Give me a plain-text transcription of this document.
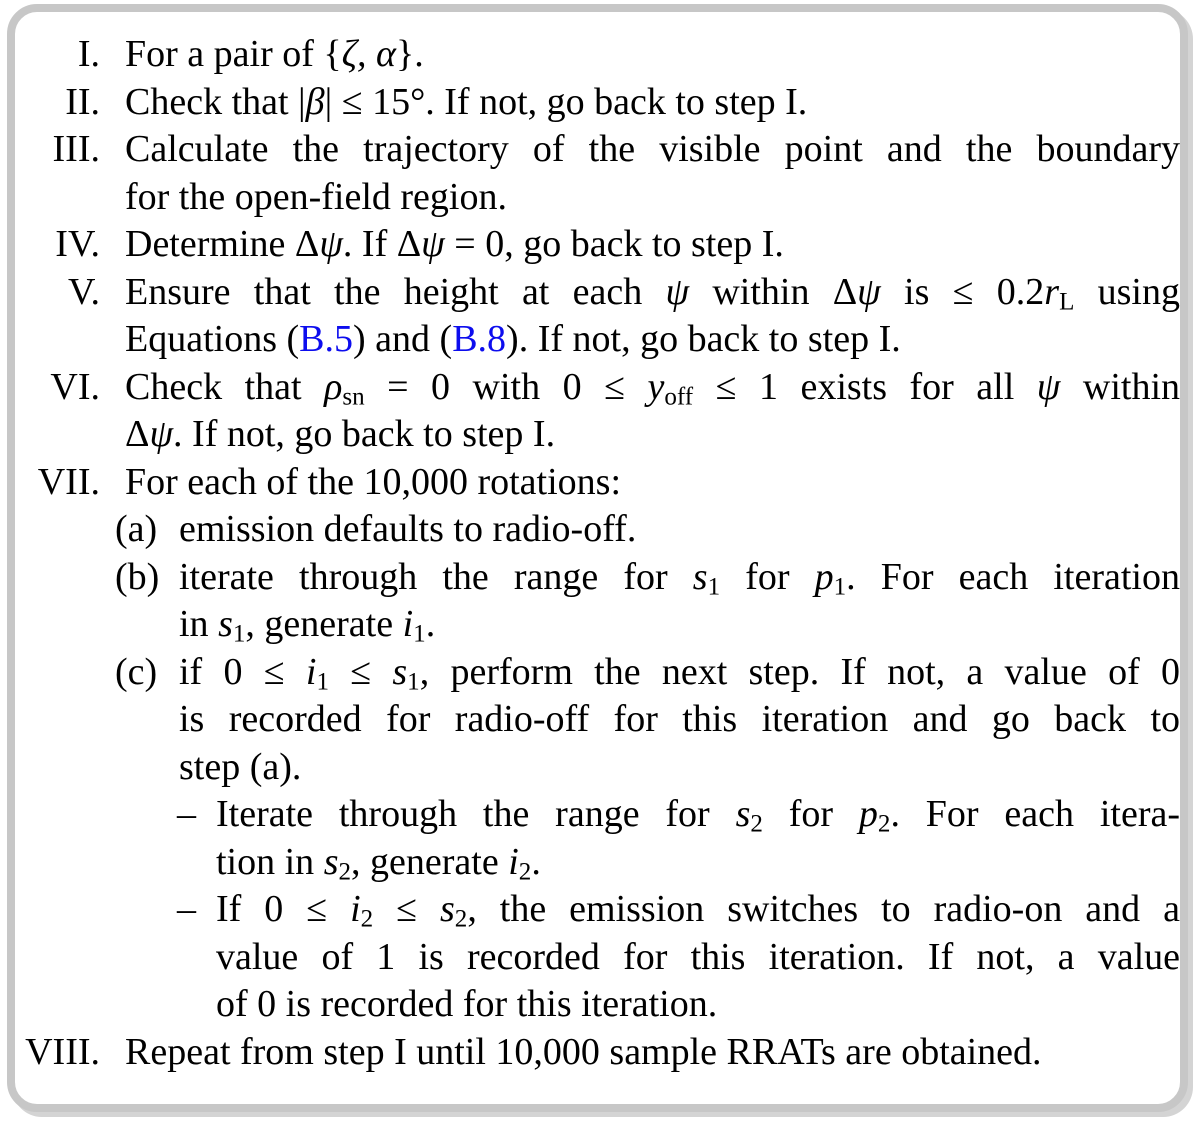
I. For a pair of {ζ, α}.
II. Check that |β| ≤ 15°. If not, go back to step I.
III. Calculate the trajectory of the visible point and the boundary
for the open-field region.
IV. Determine Δψ. If Δψ = 0, go back to step I.
V. Ensure that the height at each ψ within Δψ is ≤ 0.2rL using
Equations (B.5) and (B.8). If not, go back to step I.
VI. Check that ρsn = 0 with 0 ≤ yoff ≤ 1 exists for all ψ within
Δψ. If not, go back to step I.
VII. For each of the 10,000 rotations:
(a) emission defaults to radio-off.
(b) iterate through the range for s1 for p1. For each iteration
in s1, generate i1.
(c) if 0 ≤ i1 ≤ s1, perform the next step. If not, a value of 0
is recorded for radio-off for this iteration and go back to
step (a).
– Iterate through the range for s2 for p2. For each itera-
tion in s2, generate i2.
– If 0 ≤ i2 ≤ s2, the emission switches to radio-on and a
value of 1 is recorded for this iteration. If not, a value
of 0 is recorded for this iteration.
VIII. Repeat from step I until 10,000 sample RRATs are obtained.
